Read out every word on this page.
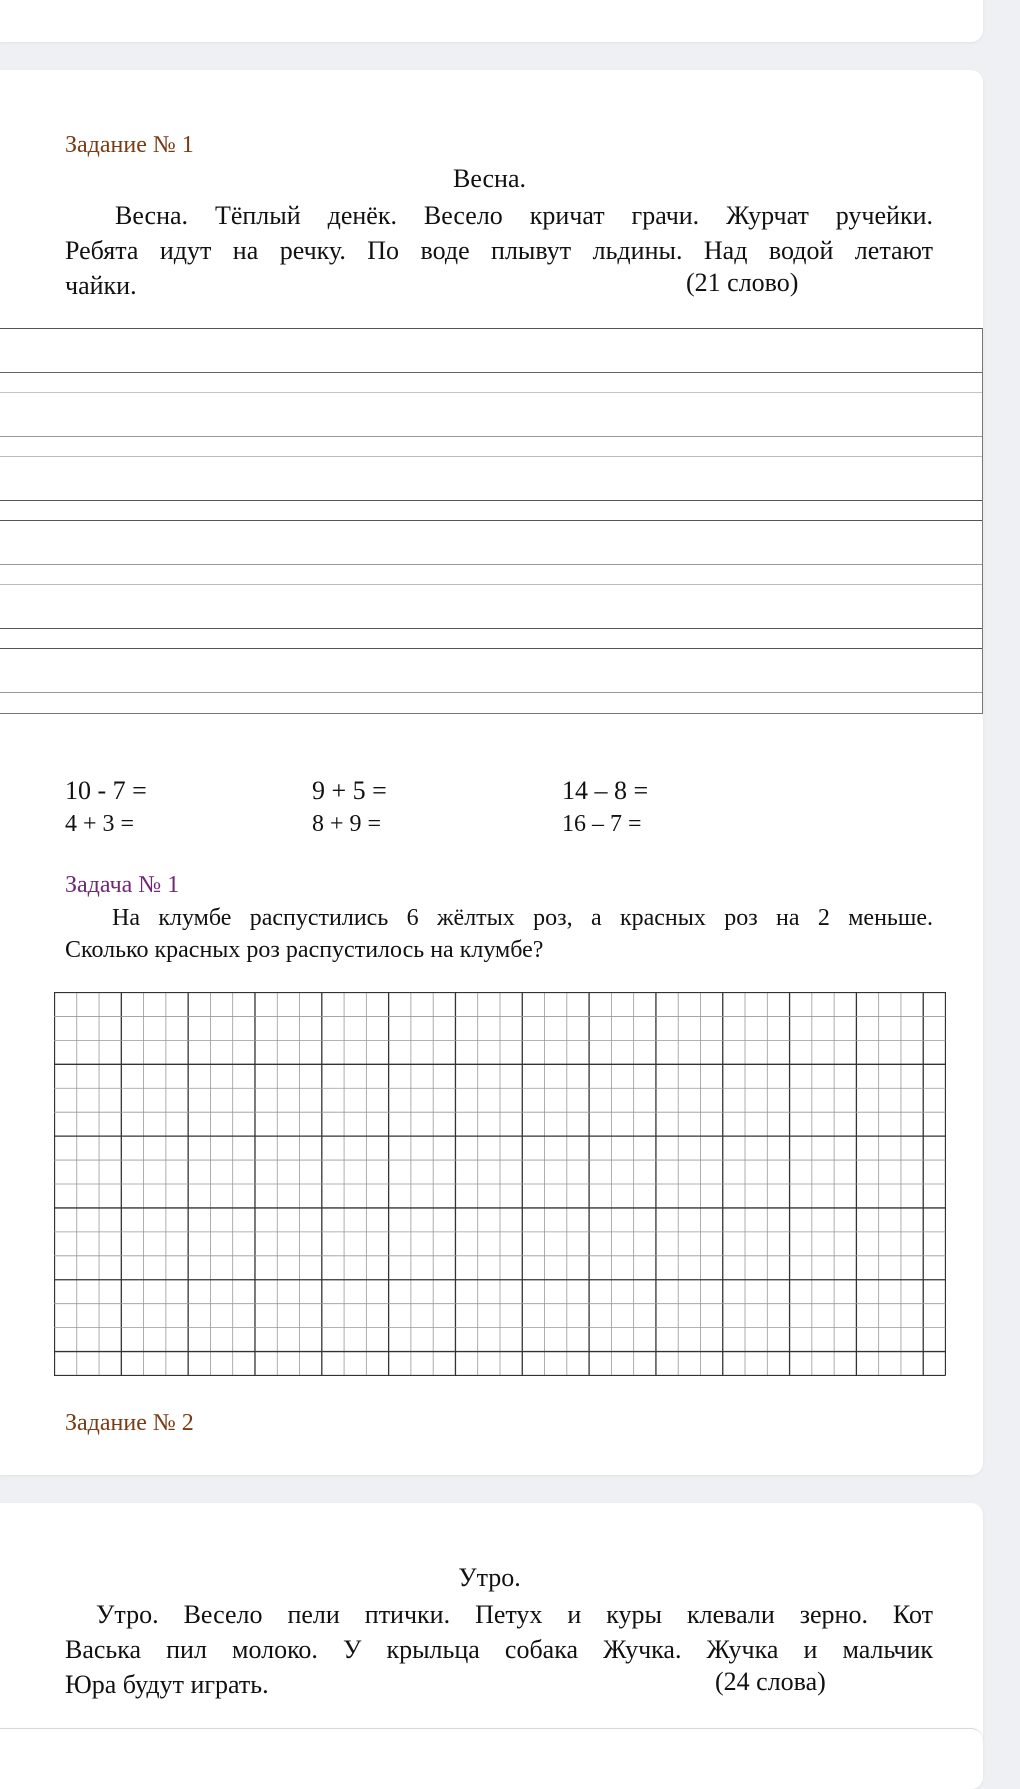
Задание № 1
Весна.
Весна. Тёплый денёк. Весело кричат грачи. Журчат ручейки.
Ребята идут на речку. По воде плывут льдины. Над водой летают
чайки.	(21 слово)
10 - 7 =	9 + 5 =	14 – 8 =
4 + 3 =	8 + 9 =	16 – 7 =
Задача № 1
На клумбе распустились 6 жёлтых роз, а красных роз на 2 меньше.
Сколько красных роз распустилось на клумбе?
Задание № 2
Утро.
Утро. Весело пели птички. Петух и куры клевали зерно. Кот
Васька пил молоко. У крыльца собака Жучка. Жучка и мальчик
Юра будут играть.	(24 слова)
